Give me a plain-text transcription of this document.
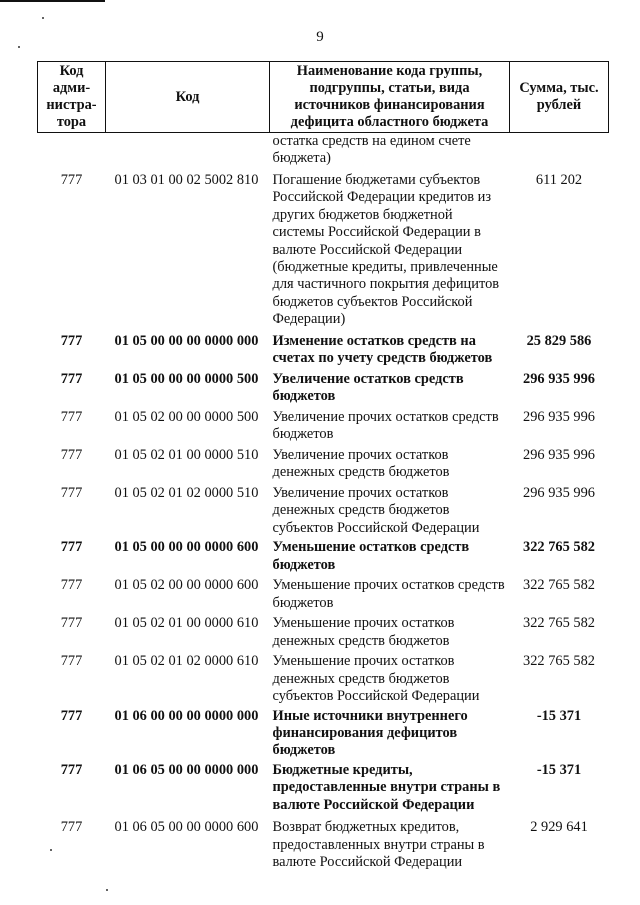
9
Код адми-нистра-тора	Код	Наименование кода группы, подгруппы, статьи, вида источников финансирования дефицита областного бюджета	Сумма, тыс. рублей
		остатка средств на едином счете бюджета)	
777	01 03 01 00 02 5002 810	Погашение бюджетами субъектов Российской Федерации кредитов из других бюджетов бюджетной системы Российской Федерации в валюте Российской Федерации (бюджетные кредиты, привлеченные для частичного покрытия дефицитов бюджетов субъектов Российской Федерации)	611 202
777	01 05 00 00 00 0000 000	Изменение остатков средств на счетах по учету средств бюджетов	25 829 586
777	01 05 00 00 00 0000 500	Увеличение остатков средств бюджетов	296 935 996
777	01 05 02 00 00 0000 500	Увеличение прочих остатков средств бюджетов	296 935 996
777	01 05 02 01 00 0000 510	Увеличение прочих остатков денежных средств бюджетов	296 935 996
777	01 05 02 01 02 0000 510	Увеличение прочих остатков денежных средств бюджетов субъектов Российской Федерации	296 935 996
777	01 05 00 00 00 0000 600	Уменьшение остатков средств бюджетов	322 765 582
777	01 05 02 00 00 0000 600	Уменьшение прочих остатков средств бюджетов	322 765 582
777	01 05 02 01 00 0000 610	Уменьшение прочих остатков денежных средств бюджетов	322 765 582
777	01 05 02 01 02 0000 610	Уменьшение прочих остатков денежных средств бюджетов субъектов Российской Федерации	322 765 582
777	01 06 00 00 00 0000 000	Иные источники внутреннего финансирования дефицитов бюджетов	-15 371
777	01 06 05 00 00 0000 000	Бюджетные кредиты, предоставленные внутри страны в валюте Российской Федерации	-15 371
777	01 06 05 00 00 0000 600	Возврат бюджетных кредитов, предоставленных внутри страны в валюте Российской Федерации	2 929 641
